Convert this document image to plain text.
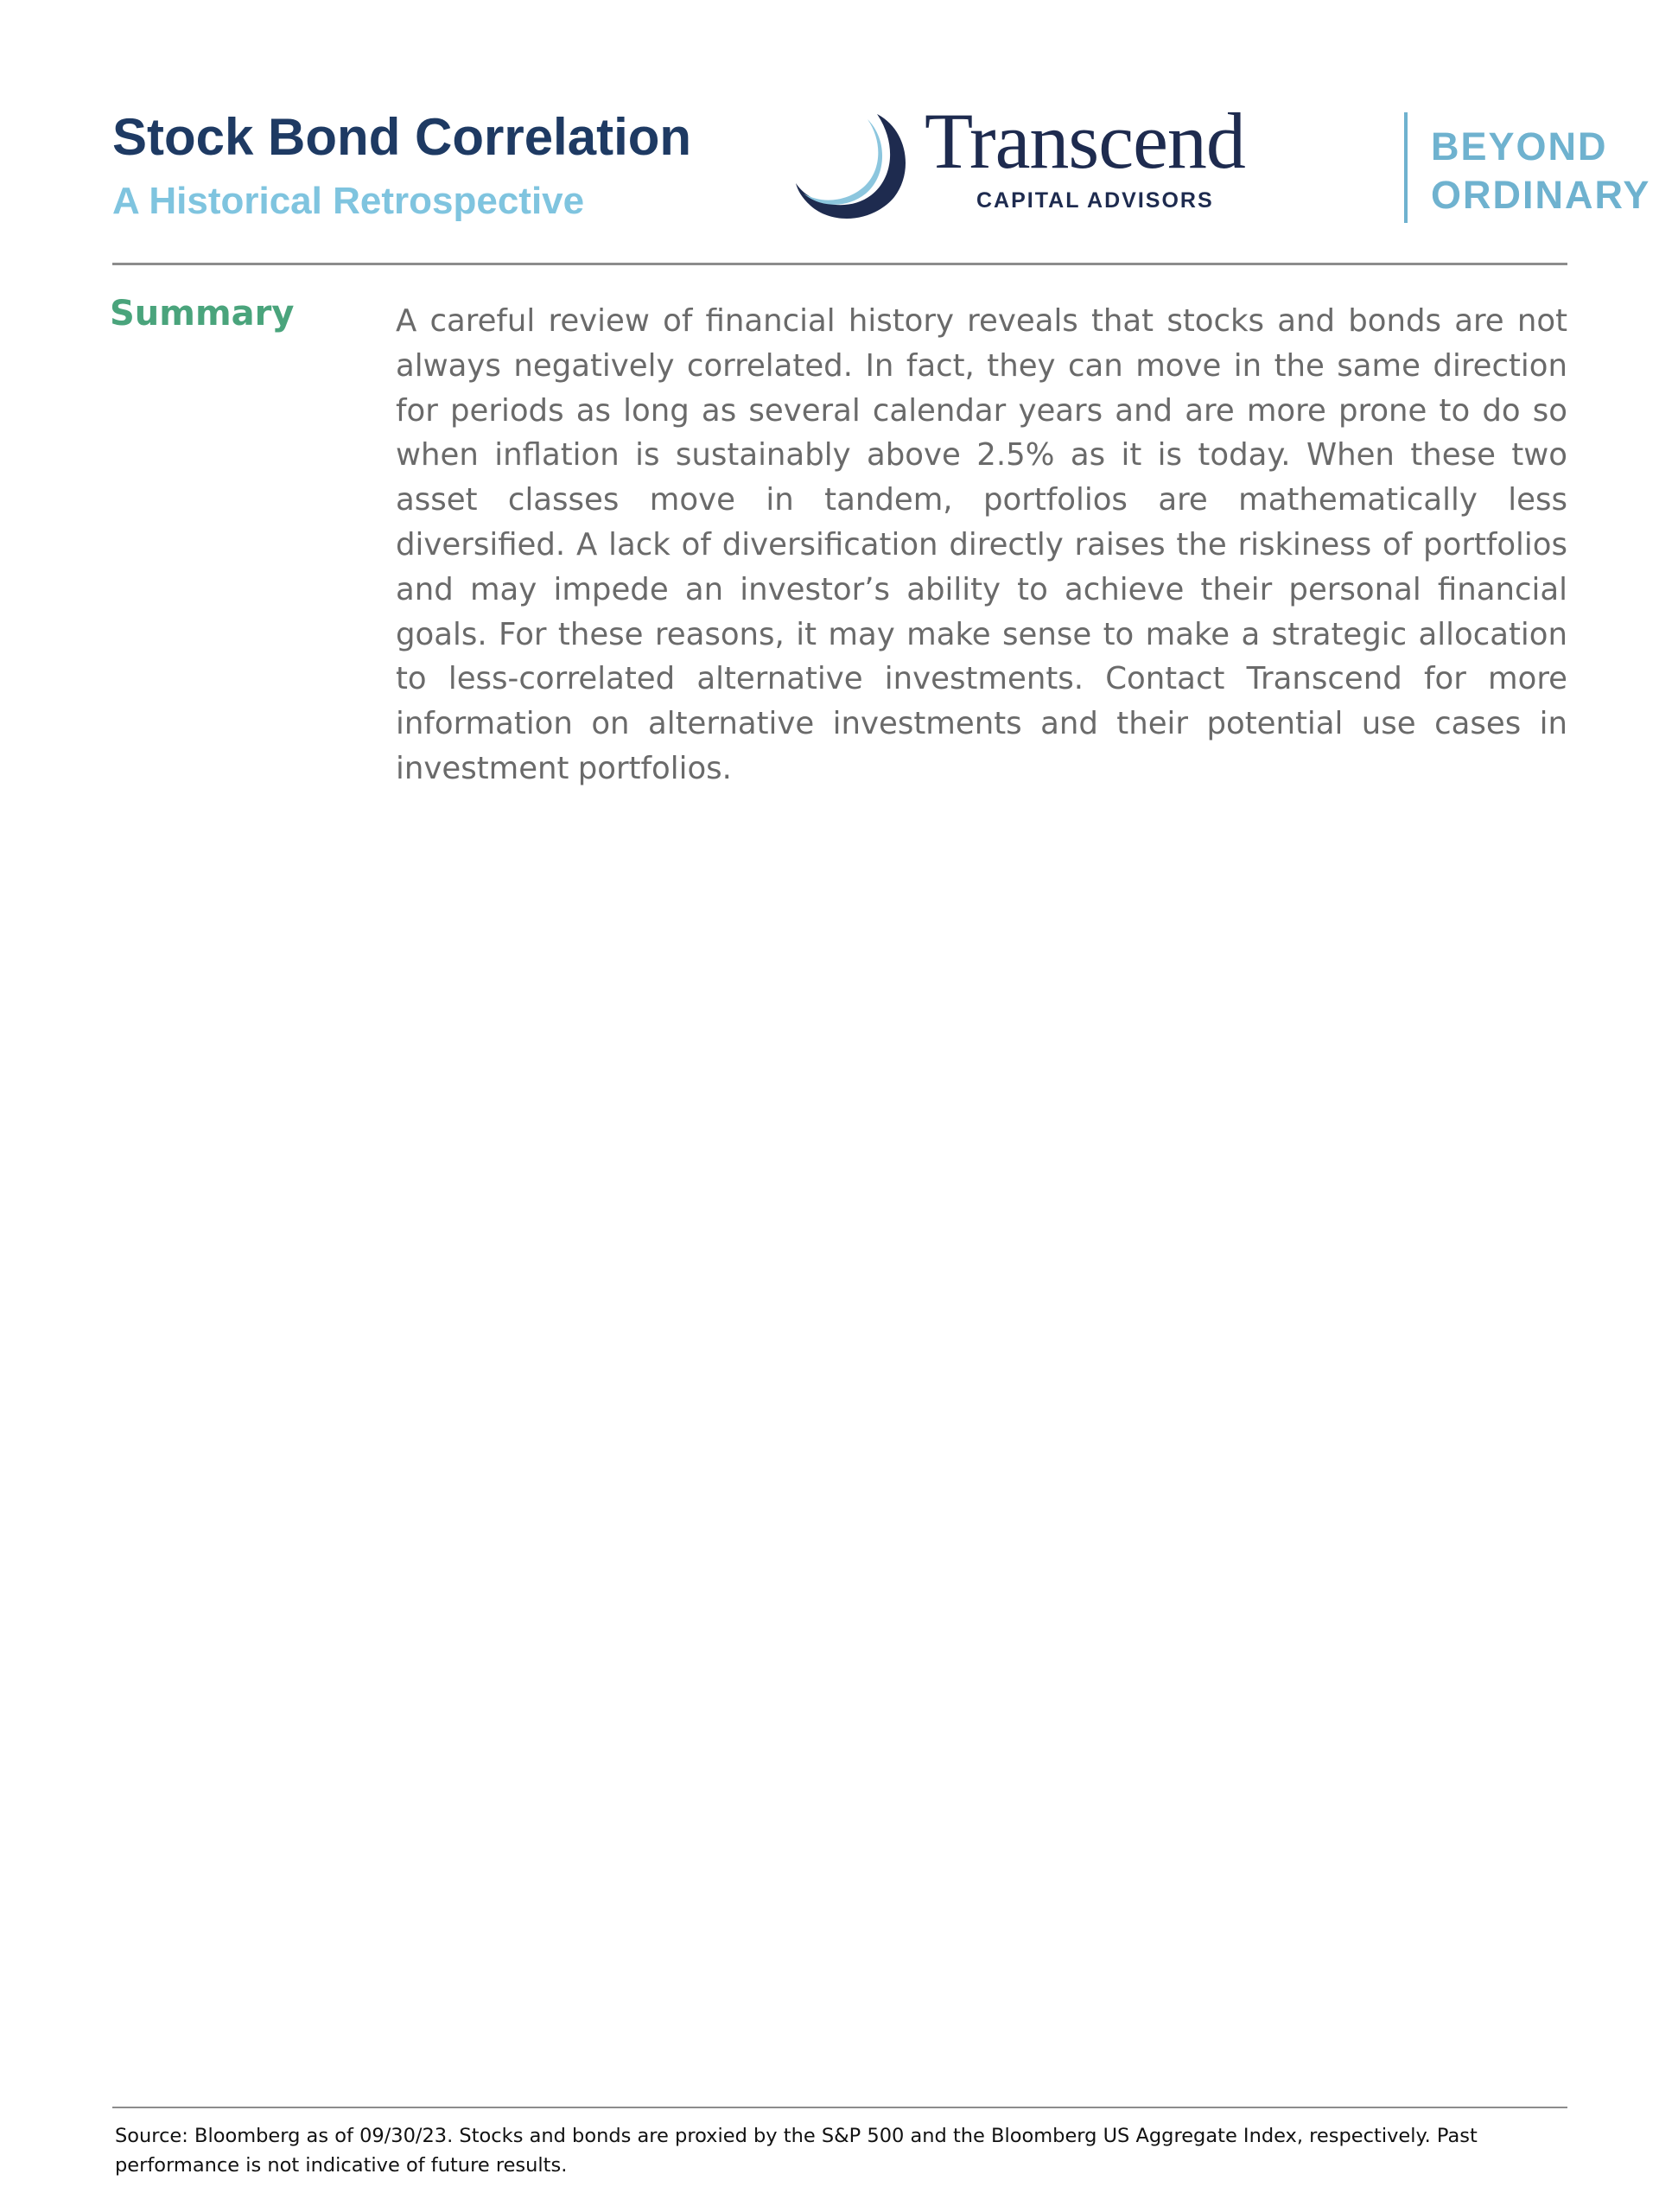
Stock Bond Correlation
A Historical Retrospective
Transcend
CAPITAL ADVISORS
BEYOND
ORDINARY
Summary	A careful review of financial history reveals that stocks and bonds are not always negatively correlated. In fact, they can move in the same direction for periods as long as several calendar years and are more prone to do so when inflation is sustainably above 2.5% as it is today. When these two asset classes move in tandem, portfolios are mathematically less diversified. A lack of diversification directly raises the riskiness of portfolios and may impede an investor’s ability to achieve their personal financial goals. For these reasons, it may make sense to make a strategic allocation to less-correlated alternative investments. Contact Transcend for more information on alternative investments and their potential use cases in investment portfolios.

Source: Bloomberg as of 09/30/23. Stocks and bonds are proxied by the S&P 500 and the Bloomberg US Aggregate Index, respectively. Past performance is not indicative of future results.
